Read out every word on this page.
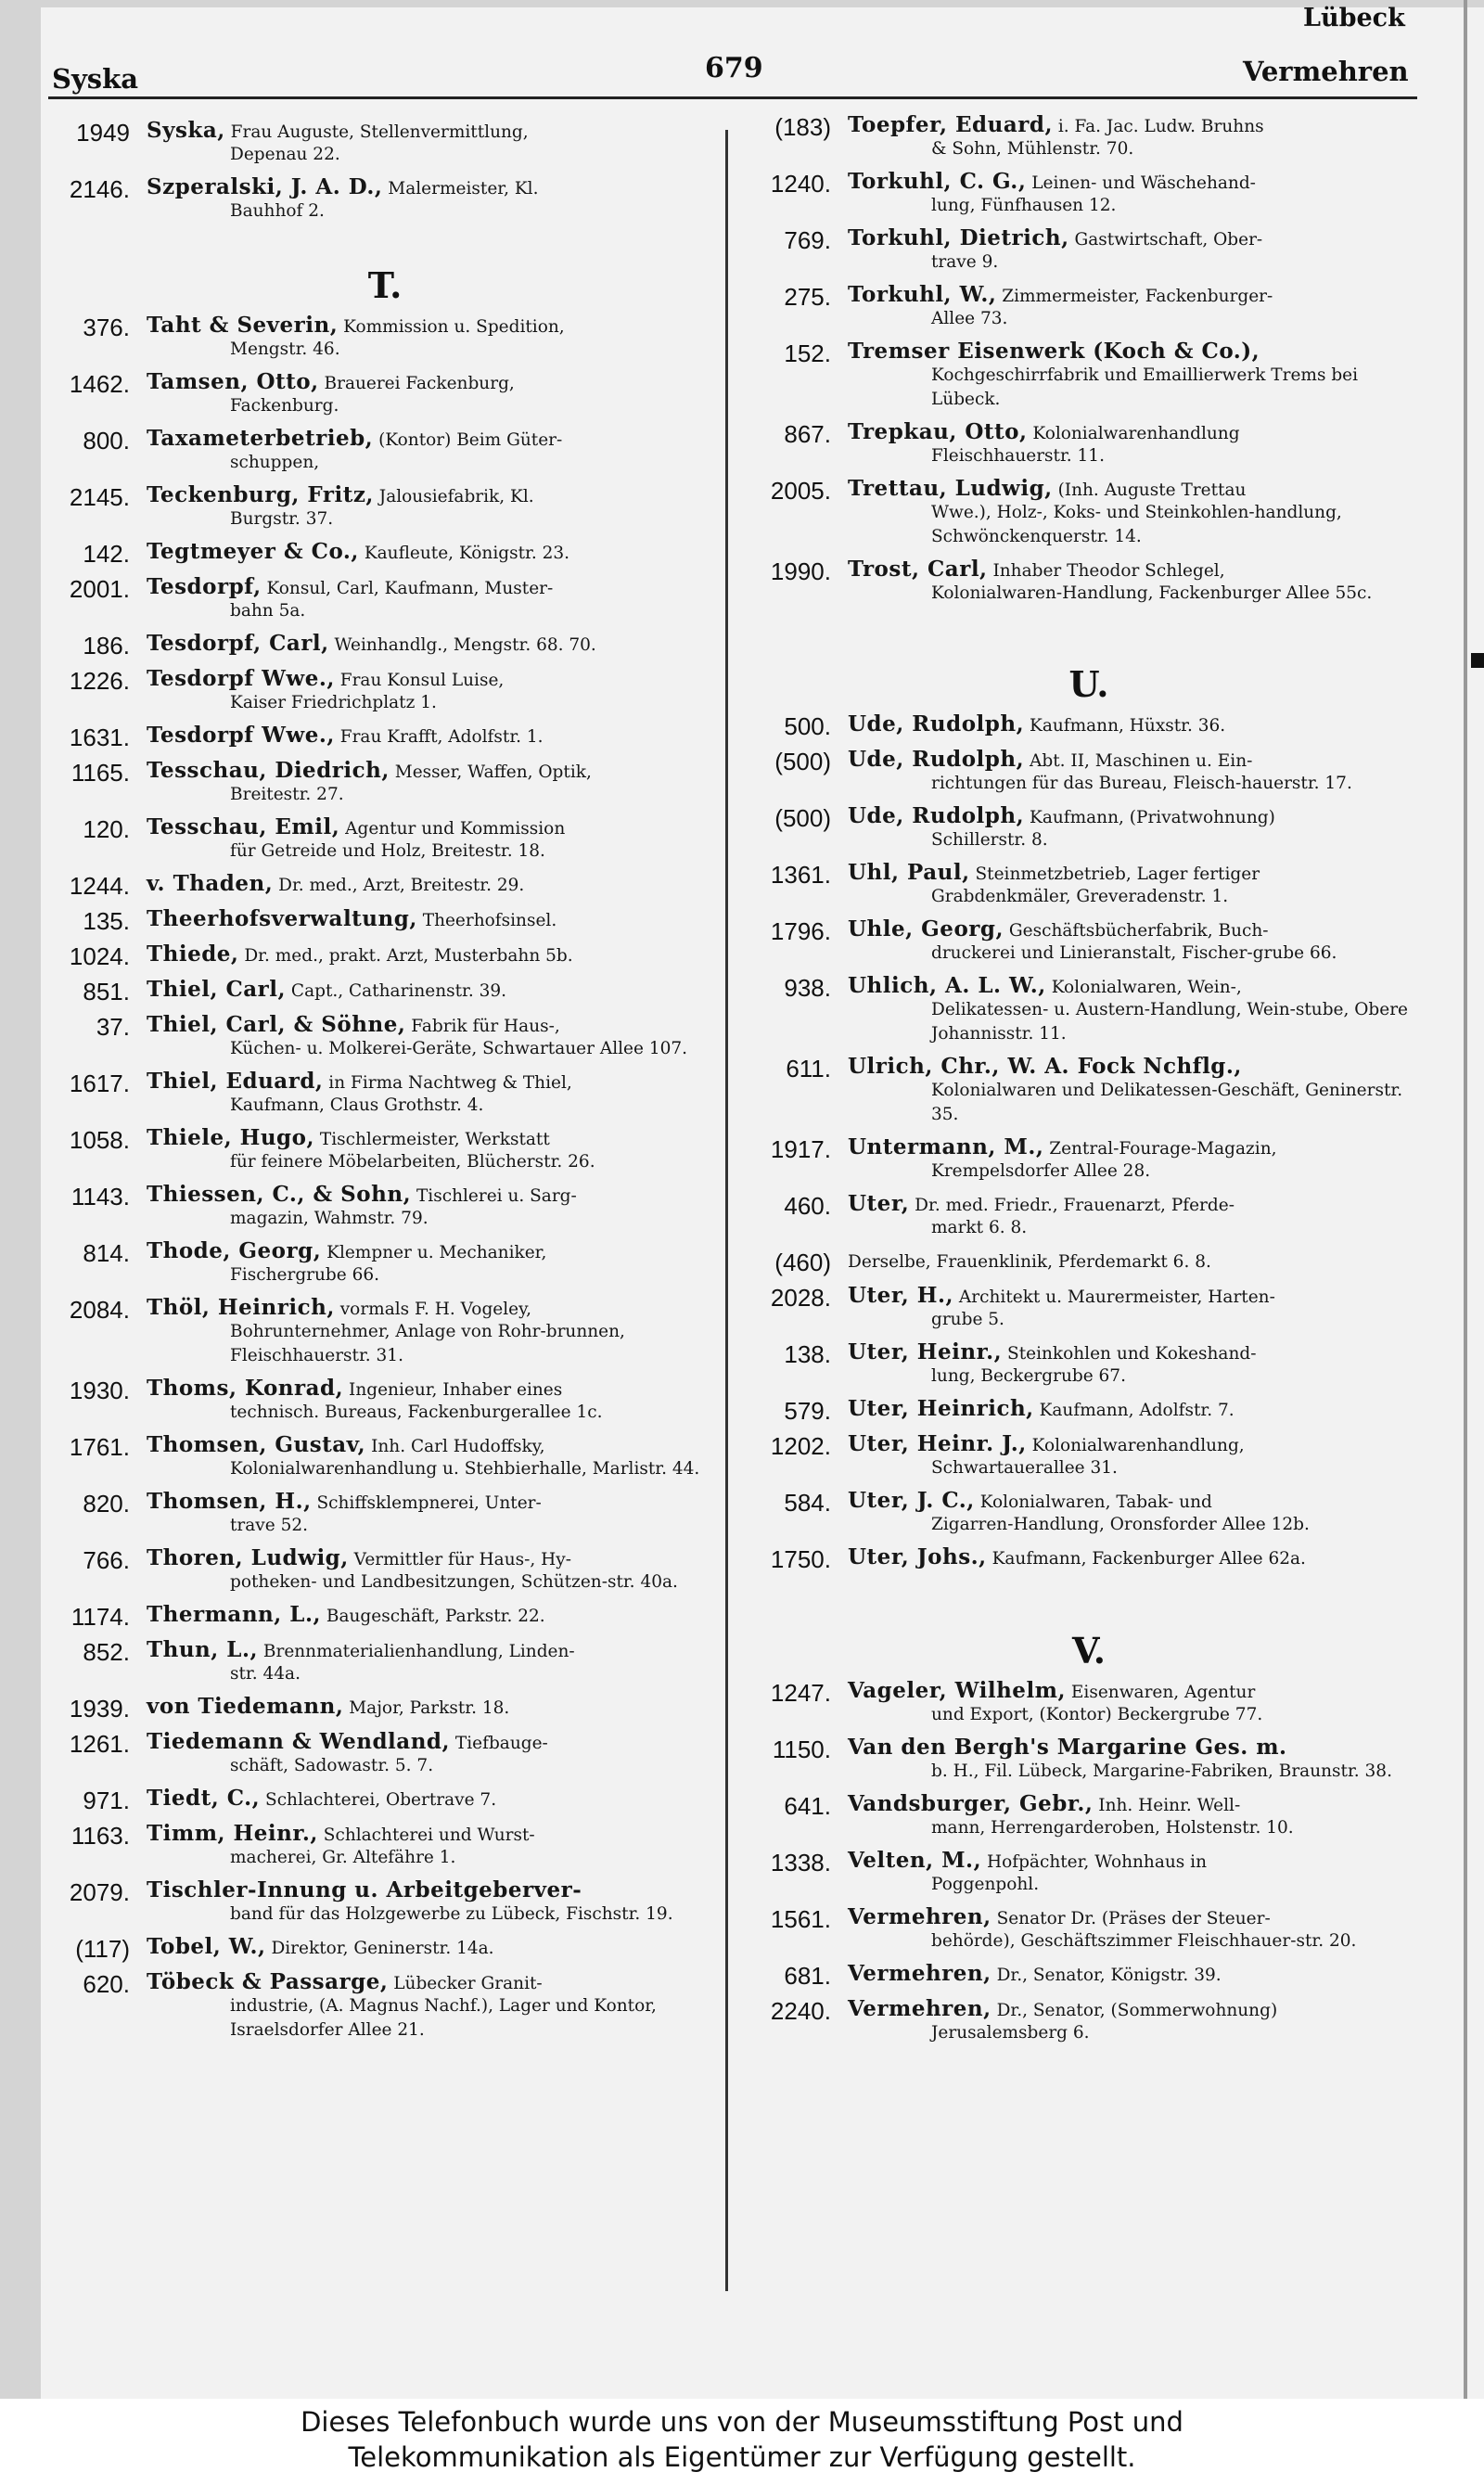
Syska	679
Lübeck
Vermehren
1949 Syska, Frau Auguste, Stellenvermittlung,
Depenau 22.
2146. Szperalski, J. A. D., Malermeister, Kl.
Bauhhof 2.
T.
376. Taht & Severin, Kommission u. Spedition,
Mengstr. 46.
1462. Tamsen, Otto, Brauerei Fackenburg,
Fackenburg.
800. Taxameterbetrieb, (Kontor) Beim Güter-
schuppen,
2145. Teckenburg, Fritz, Jalousiefabrik, Kl.
Burgstr. 37.
142. Tegtmeyer & Co., Kaufleute, Königstr. 23.
2001. Tesdorpf, Konsul, Carl, Kaufmann, Muster-
bahn 5a.
186. Tesdorpf, Carl, Weinhandlg., Mengstr. 68. 70.
1226. Tesdorpf Wwe., Frau Konsul Luise,
Kaiser Friedrichplatz 1.
1631. Tesdorpf Wwe., Frau Krafft, Adolfstr. 1.
1165. Tesschau, Diedrich, Messer, Waffen, Optik,
Breitestr. 27.
120. Tesschau, Emil, Agentur und Kommission
für Getreide und Holz, Breitestr. 18.
1244. v. Thaden, Dr. med., Arzt, Breitestr. 29.
135. Theerhofsverwaltung, Theerhofsinsel.
1024. Thiede, Dr. med., prakt. Arzt, Musterbahn 5b.
851. Thiel, Carl, Capt., Catharinenstr. 39.
37. Thiel, Carl, & Söhne, Fabrik für Haus-,
Küchen- u. Molkerei-Geräte, Schwartauer Allee 107.
1617. Thiel, Eduard, in Firma Nachtweg & Thiel,
Kaufmann, Claus Grothstr. 4.
1058. Thiele, Hugo, Tischlermeister, Werkstatt
für feinere Möbelarbeiten, Blücherstr. 26.
1143. Thiessen, C., & Sohn, Tischlerei u. Sarg-
magazin, Wahmstr. 79.
814. Thode, Georg, Klempner u. Mechaniker,
Fischergrube 66.
2084. Thöl, Heinrich, vormals F. H. Vogeley,
Bohrunternehmer, Anlage von Rohr-brunnen, Fleischhauerstr. 31.
1930. Thoms, Konrad, Ingenieur, Inhaber eines
technisch. Bureaus, Fackenburgerallee 1c.
1761. Thomsen, Gustav, Inh. Carl Hudoffsky,
Kolonialwarenhandlung u. Stehbierhalle, Marlistr. 44.
820. Thomsen, H., Schiffsklempnerei, Unter-
trave 52.
766. Thoren, Ludwig, Vermittler für Haus-, Hy-
potheken- und Landbesitzungen, Schützen-str. 40a.
1174. Thermann, L., Baugeschäft, Parkstr. 22.
852. Thun, L., Brennmaterialienhandlung, Linden-
str. 44a.
1939. von Tiedemann, Major, Parkstr. 18.
1261. Tiedemann & Wendland, Tiefbauge-
schäft, Sadowastr. 5. 7.
971. Tiedt, C., Schlachterei, Obertrave 7.
1163. Timm, Heinr., Schlachterei und Wurst-
macherei, Gr. Altefähre 1.
2079. Tischler-Innung u. Arbeitgeberver-
band für das Holzgewerbe zu Lübeck, Fischstr. 19.
(117) Tobel, W., Direktor, Geninerstr. 14a.
620. Töbeck & Passarge, Lübecker Granit-
industrie, (A. Magnus Nachf.), Lager und Kontor, Israelsdorfer Allee 21.
(183) Toepfer, Eduard, i. Fa. Jac. Ludw. Bruhns
& Sohn, Mühlenstr. 70.
1240. Torkuhl, C. G., Leinen- und Wäschehand-
lung, Fünfhausen 12.
769. Torkuhl, Dietrich, Gastwirtschaft, Ober-
trave 9.
275. Torkuhl, W., Zimmermeister, Fackenburger-
Allee 73.
152. Tremser Eisenwerk (Koch & Co.),
Kochgeschirrfabrik und Emaillierwerk Trems bei Lübeck.
867. Trepkau, Otto, Kolonialwarenhandlung
Fleischhauerstr. 11.
2005. Trettau, Ludwig, (Inh. Auguste Trettau
Wwe.), Holz-, Koks- und Steinkohlen-handlung, Schwönckenquerstr. 14.
1990. Trost, Carl, Inhaber Theodor Schlegel,
Kolonialwaren-Handlung, Fackenburger Allee 55c.
U.
500. Ude, Rudolph, Kaufmann, Hüxstr. 36.
(500) Ude, Rudolph, Abt. II, Maschinen u. Ein-
richtungen für das Bureau, Fleisch-hauerstr. 17.
(500) Ude, Rudolph, Kaufmann, (Privatwohnung)
Schillerstr. 8.
1361. Uhl, Paul, Steinmetzbetrieb, Lager fertiger
Grabdenkmäler, Greveradenstr. 1.
1796. Uhle, Georg, Geschäftsbücherfabrik, Buch-
druckerei und Linieranstalt, Fischer-grube 66.
938. Uhlich, A. L. W., Kolonialwaren, Wein-,
Delikatessen- u. Austern-Handlung, Wein-stube, Obere Johannisstr. 11.
611. Ulrich, Chr., W. A. Fock Nchflg.,
Kolonialwaren und Delikatessen-Geschäft, Geninerstr. 35.
1917. Untermann, M., Zentral-Fourage-Magazin,
Krempelsdorfer Allee 28.
460. Uter, Dr. med. Friedr., Frauenarzt, Pferde-
markt 6. 8.
(460) Derselbe, Frauenklinik, Pferdemarkt 6. 8.
2028. Uter, H., Architekt u. Maurermeister, Harten-
grube 5.
138. Uter, Heinr., Steinkohlen und Kokeshand-
lung, Beckergrube 67.
579. Uter, Heinrich, Kaufmann, Adolfstr. 7.
1202. Uter, Heinr. J., Kolonialwarenhandlung,
Schwartauerallee 31.
584. Uter, J. C., Kolonialwaren, Tabak- und
Zigarren-Handlung, Oronsforder Allee 12b.
1750. Uter, Johs., Kaufmann, Fackenburger Allee 62a.
V.
1247. Vageler, Wilhelm, Eisenwaren, Agentur
und Export, (Kontor) Beckergrube 77.
1150. Van den Bergh's Margarine Ges. m.
b. H., Fil. Lübeck, Margarine-Fabriken, Braunstr. 38.
641. Vandsburger, Gebr., Inh. Heinr. Well-
mann, Herrengarderoben, Holstenstr. 10.
1338. Velten, M., Hofpächter, Wohnhaus in
Poggenpohl.
1561. Vermehren, Senator Dr. (Präses der Steuer-
behörde), Geschäftszimmer Fleischhauer-str. 20.
681. Vermehren, Dr., Senator, Königstr. 39.
2240. Vermehren, Dr., Senator, (Sommerwohnung)
Jerusalemsberg 6.
Dieses Telefonbuch wurde uns von der Museumsstiftung Post und
Telekommunikation als Eigentümer zur Verfügung gestellt.
